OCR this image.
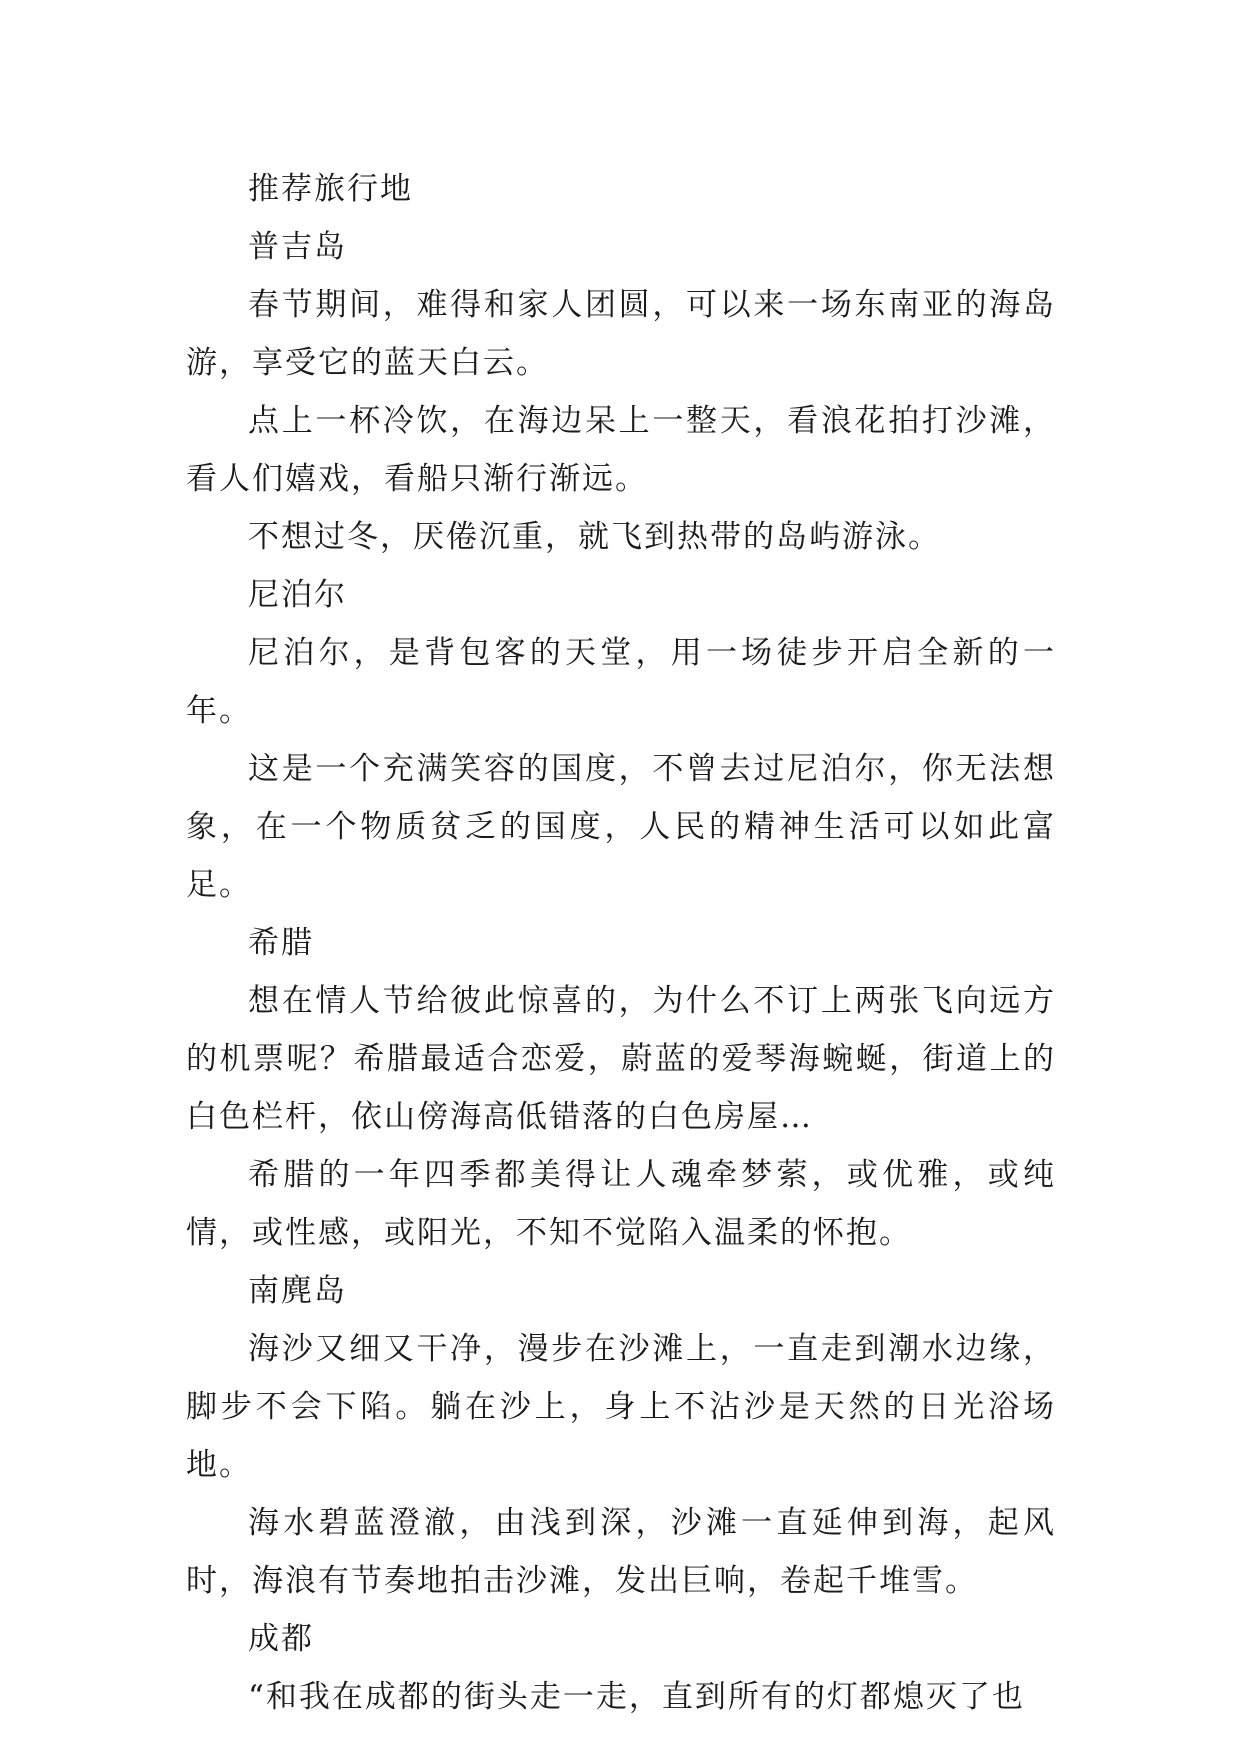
推荐旅行地

普吉岛

春节期间，难得和家人团圆，可以来一场东南亚的海岛游，享受它的蓝天白云。

点上一杯冷饮，在海边呆上一整天，看浪花拍打沙滩，看人们嬉戏，看船只渐行渐远。

不想过冬，厌倦沉重，就飞到热带的岛屿游泳。

尼泊尔

尼泊尔，是背包客的天堂，用一场徒步开启全新的一年。

这是一个充满笑容的国度，不曾去过尼泊尔，你无法想象，在一个物质贫乏的国度，人民的精神生活可以如此富足。

希腊

想在情人节给彼此惊喜的，为什么不订上两张飞向远方的机票呢？希腊最适合恋爱，蔚蓝的爱琴海蜿蜒，街道上的白色栏杆，依山傍海高低错落的白色房屋…

希腊的一年四季都美得让人魂牵梦萦，或优雅，或纯情，或性感，或阳光，不知不觉陷入温柔的怀抱。

南麂岛

海沙又细又干净，漫步在沙滩上，一直走到潮水边缘，脚步不会下陷。躺在沙上，身上不沾沙是天然的日光浴场地。

海水碧蓝澄澈，由浅到深，沙滩一直延伸到海，起风时，海浪有节奏地拍击沙滩，发出巨响，卷起千堆雪。

成都

“和我在成都的街头走一走，直到所有的灯都熄灭了也
